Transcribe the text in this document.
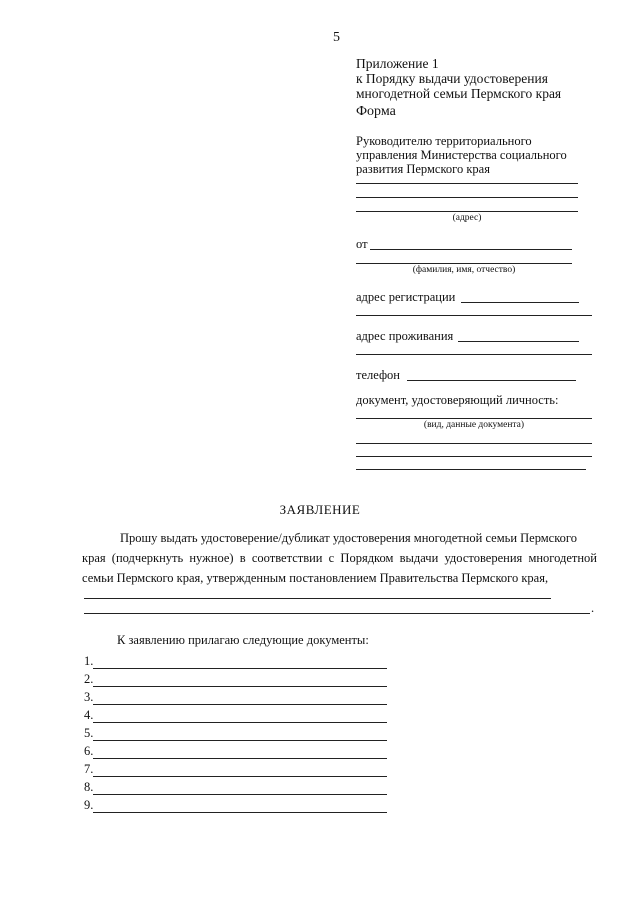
5
Приложение 1
к Порядку выдачи удостоверения
многодетной семьи Пермского края
Форма
Руководителю территориального
управления Министерства социального
развития Пермского края
(адрес)
от
(фамилия, имя, отчество)
адрес регистрации
адрес проживания
телефон
документ, удостоверяющий личность:
(вид, данные документа)
ЗАЯВЛЕНИЕ
Прошу выдать удостоверение/дубликат удостоверения многодетной семьи Пермского
края (подчеркнуть нужное) в соответствии с Порядком выдачи удостоверения многодетной семьи Пермского края, утвержденным постановлением Правительства Пермского края,
.
К заявлению прилагаю следующие документы:
1.
2.
3.
4.
5.
6.
7.
8.
9.
